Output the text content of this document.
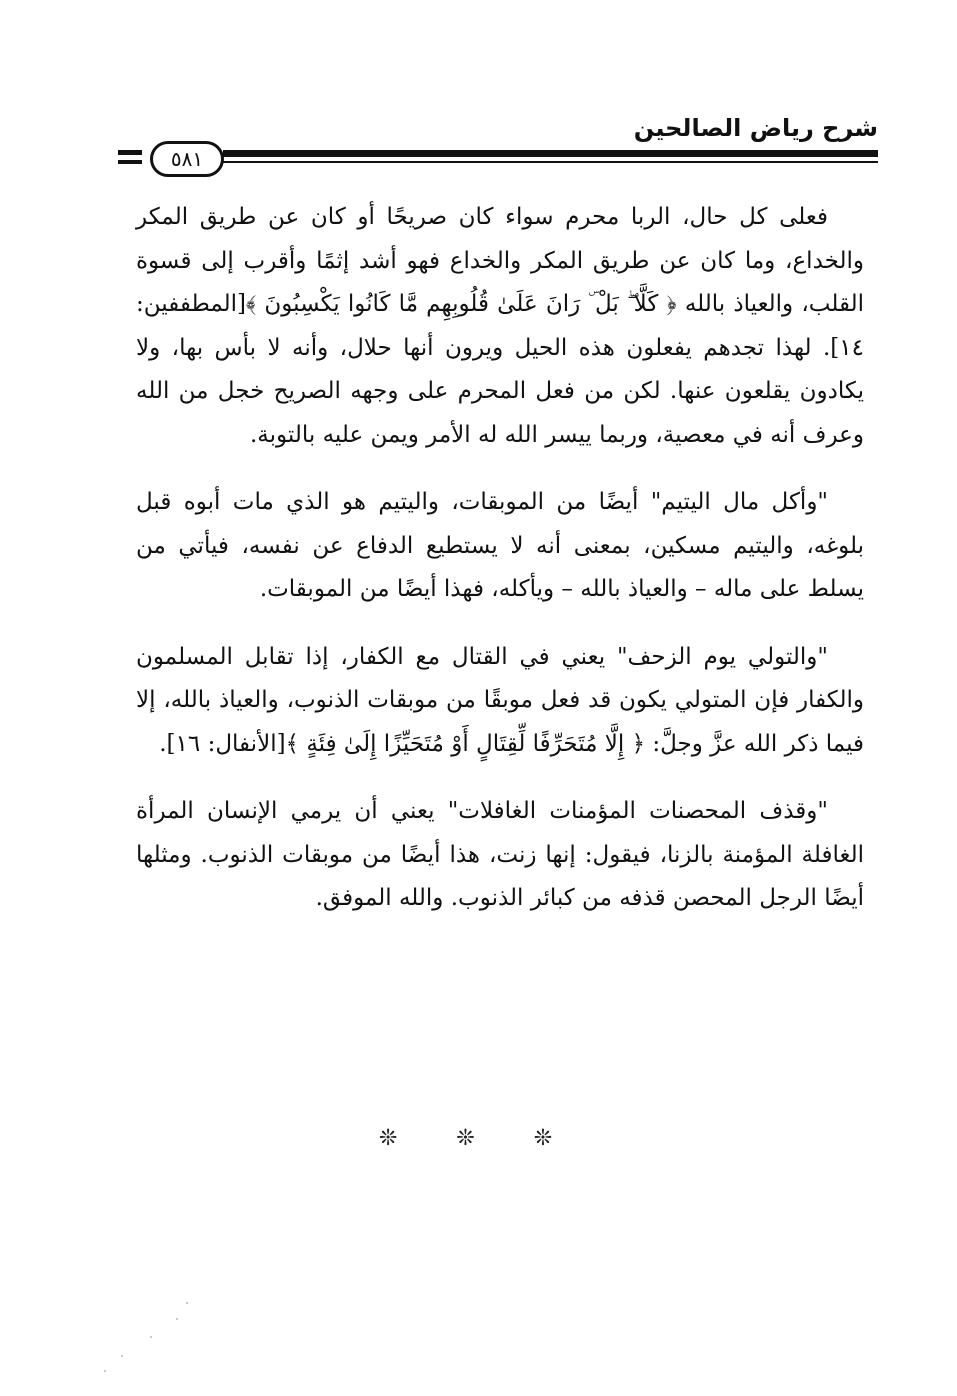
شرح رياض الصالحين
٥٨١

فعلى كل حال، الربا محرم سواء كان صريحًا أو كان عن طريق المكر والخداع، وما كان عن طريق المكر والخداع فهو أشد إثمًا وأقرب إلى قسوة القلب، والعياذ بالله ﴿ كَلَّا ۖ بَلْ ۜ رَانَ عَلَىٰ قُلُوبِهِم مَّا كَانُوا يَكْسِبُونَ ﴾[المطففين: ١٤]. لهذا تجدهم يفعلون هذه الحيل ويرون أنها حلال، وأنه لا بأس بها، ولا يكادون يقلعون عنها. لكن من فعل المحرم على وجهه الصريح خجل من الله وعرف أنه في معصية، وربما ييسر الله له الأمر ويمن عليه بالتوبة.

"وأكل مال اليتيم" أيضًا من الموبقات، واليتيم هو الذي مات أبوه قبل بلوغه، واليتيم مسكين، بمعنى أنه لا يستطيع الدفاع عن نفسه، فيأتي من يسلط على ماله – والعياذ بالله – ويأكله، فهذا أيضًا من الموبقات.

"والتولي يوم الزحف" يعني في القتال مع الكفار، إذا تقابل المسلمون والكفار فإن المتولي يكون قد فعل موبقًا من موبقات الذنوب، والعياذ بالله، إلا فيما ذكر الله عزَّ وجلَّ: ﴿ إِلَّا مُتَحَرِّفًا لِّقِتَالٍ أَوْ مُتَحَيِّزًا إِلَىٰ فِئَةٍ ﴾[الأنفال: ١٦].

"وقذف المحصنات المؤمنات الغافلات" يعني أن يرمي الإنسان المرأة الغافلة المؤمنة بالزنا، فيقول: إنها زنت، هذا أيضًا من موبقات الذنوب. ومثلها أيضًا الرجل المحصن قذفه من كبائر الذنوب. والله الموفق.

❊ ❊ ❊
